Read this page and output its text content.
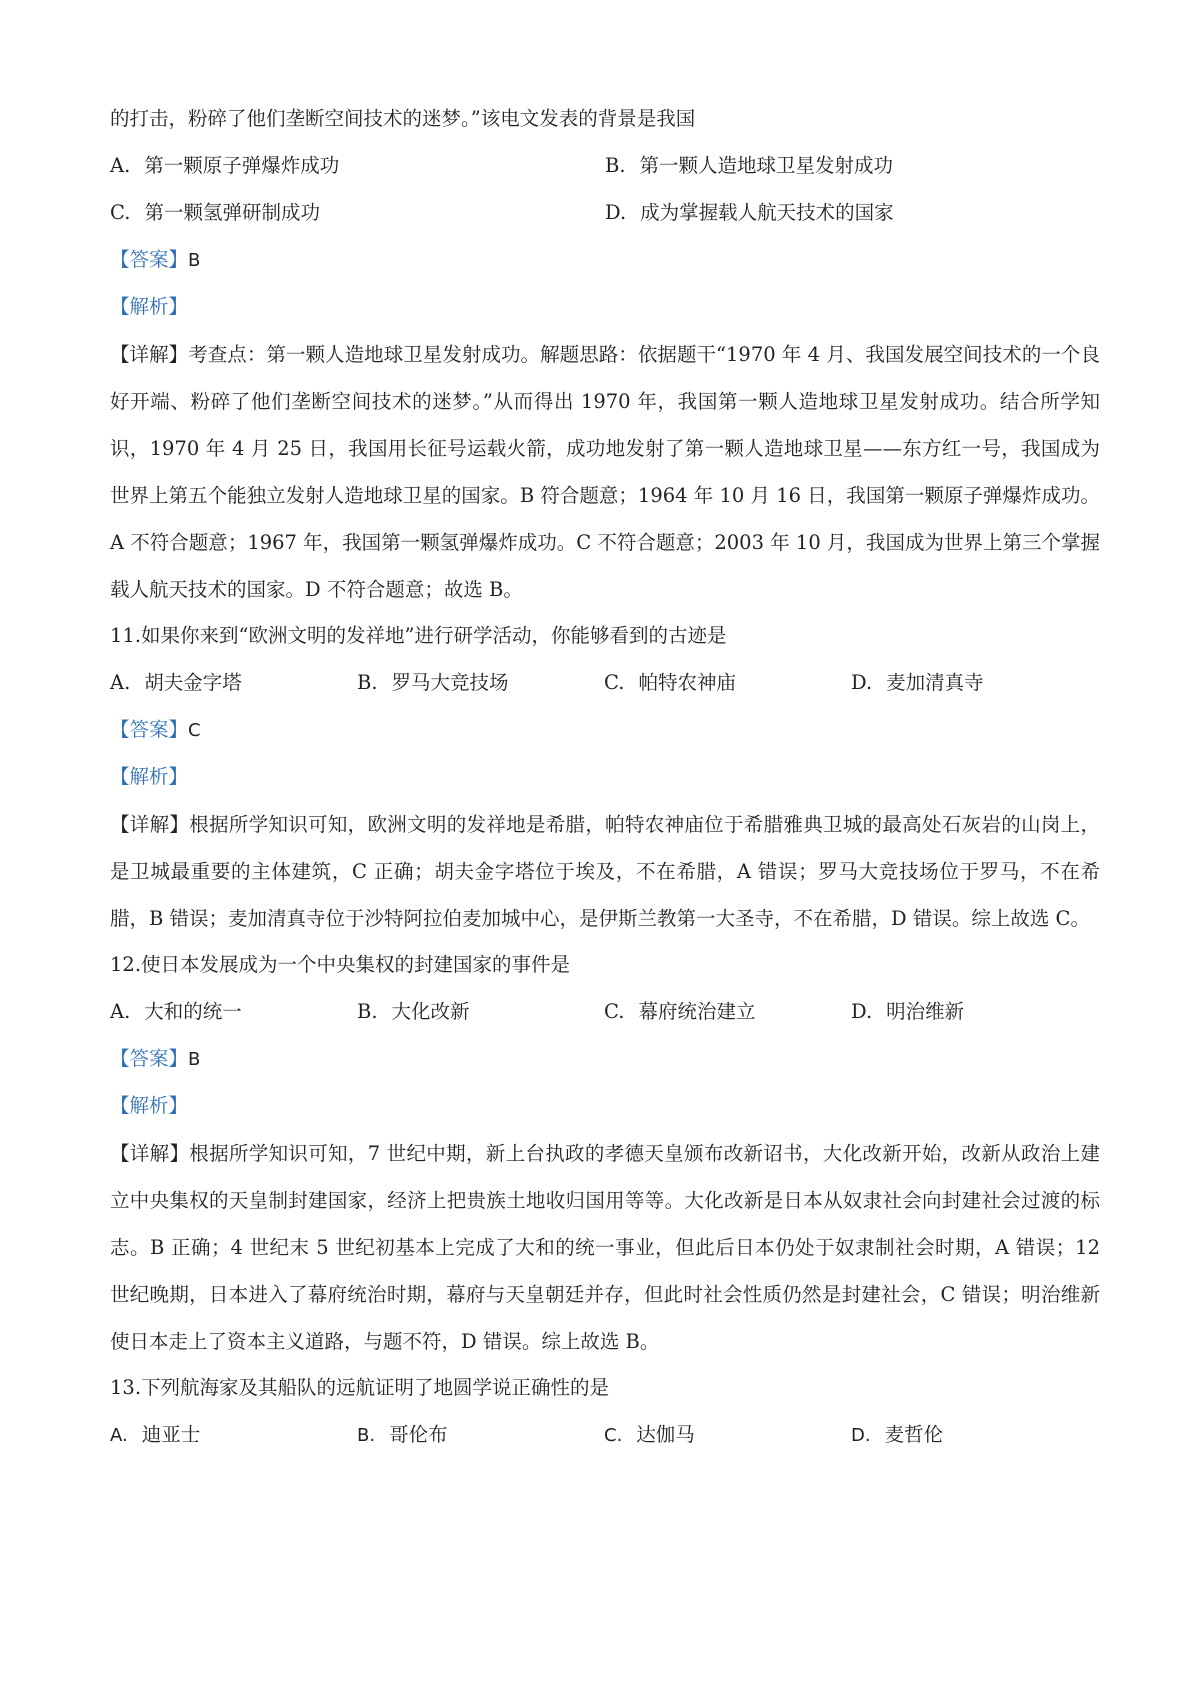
的打击，粉碎了他们垄断空间技术的迷梦。”该电文发表的背景是我国
A. 第一颗原子弹爆炸成功	B. 第一颗人造地球卫星发射成功
C. 第一颗氢弹研制成功	D. 成为掌握载人航天技术的国家
【答案】B
【解析】
【详解】考查点：第一颗人造地球卫星发射成功。解题思路：依据题干“1970 年 4 月、我国发展空间技术的一个良好开端、粉碎了他们垄断空间技术的迷梦。”从而得出 1970 年，我国第一颗人造地球卫星发射成功。结合所学知识，1970 年 4 月 25 日，我国用长征号运载火箭，成功地发射了第一颗人造地球卫星——东方红一号，我国成为世界上第五个能独立发射人造地球卫星的国家。B 符合题意；1964 年 10 月 16 日，我国第一颗原子弹爆炸成功。A 不符合题意；1967 年，我国第一颗氢弹爆炸成功。C 不符合题意；2003 年 10 月，我国成为世界上第三个掌握载人航天技术的国家。D 不符合题意；故选 B。
11.如果你来到“欧洲文明的发祥地”进行研学活动，你能够看到的古迹是
A. 胡夫金字塔	B. 罗马大竞技场	C. 帕特农神庙	D. 麦加清真寺
【答案】C
【解析】
【详解】根据所学知识可知，欧洲文明的发祥地是希腊，帕特农神庙位于希腊雅典卫城的最高处石灰岩的山岗上，是卫城最重要的主体建筑，C 正确；胡夫金字塔位于埃及，不在希腊，A 错误；罗马大竞技场位于罗马，不在希腊，B 错误；麦加清真寺位于沙特阿拉伯麦加城中心，是伊斯兰教第一大圣寺，不在希腊，D 错误。综上故选 C。
12.使日本发展成为一个中央集权的封建国家的事件是
A. 大和的统一	B. 大化改新	C. 幕府统治建立	D. 明治维新
【答案】B
【解析】
【详解】根据所学知识可知，7 世纪中期，新上台执政的孝德天皇颁布改新诏书，大化改新开始，改新从政治上建立中央集权的天皇制封建国家，经济上把贵族土地收归国用等等。大化改新是日本从奴隶社会向封建社会过渡的标志。B 正确；4 世纪末 5 世纪初基本上完成了大和的统一事业，但此后日本仍处于奴隶制社会时期，A 错误；12 世纪晚期，日本进入了幕府统治时期，幕府与天皇朝廷并存，但此时社会性质仍然是封建社会，C 错误；明治维新使日本走上了资本主义道路，与题不符，D 错误。综上故选 B。
13.下列航海家及其船队的远航证明了地圆学说正确性的是
A. 迪亚士	B. 哥伦布	C. 达伽马	D. 麦哲伦
